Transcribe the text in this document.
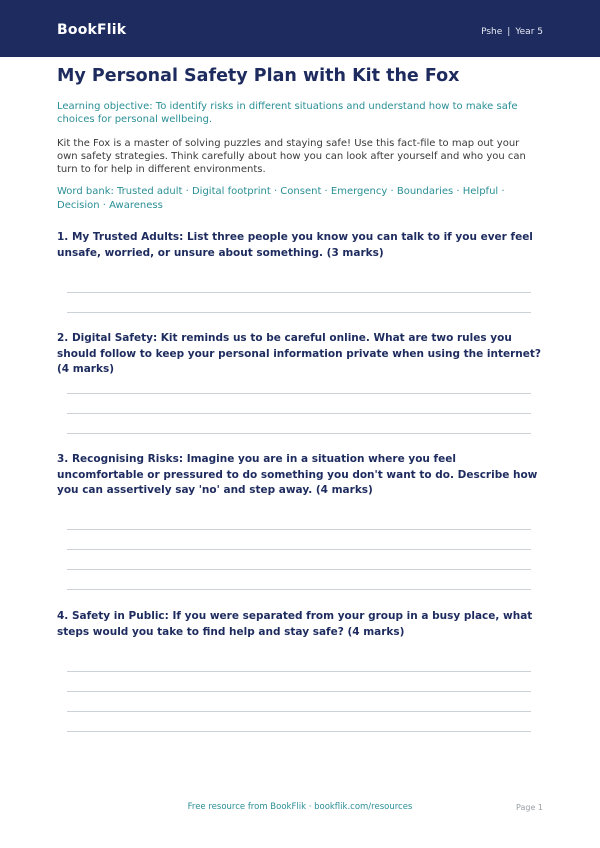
BookFlik	Pshe | Year 5
My Personal Safety Plan with Kit the Fox
Learning objective: To identify risks in different situations and understand how to make safe choices for personal wellbeing.
Kit the Fox is a master of solving puzzles and staying safe! Use this fact-file to map out your own safety strategies. Think carefully about how you can look after yourself and who you can turn to for help in different environments.
Word bank: Trusted adult · Digital footprint · Consent · Emergency · Boundaries · Helpful · Decision · Awareness
1. My Trusted Adults: List three people you know you can talk to if you ever feel unsafe, worried, or unsure about something. (3 marks)
2. Digital Safety: Kit reminds us to be careful online. What are two rules you should follow to keep your personal information private when using the internet? (4 marks)
3. Recognising Risks: Imagine you are in a situation where you feel uncomfortable or pressured to do something you don't want to do. Describe how you can assertively say 'no' and step away. (4 marks)
4. Safety in Public: If you were separated from your group in a busy place, what steps would you take to find help and stay safe? (4 marks)
Free resource from BookFlik · bookflik.com/resources	Page 1
